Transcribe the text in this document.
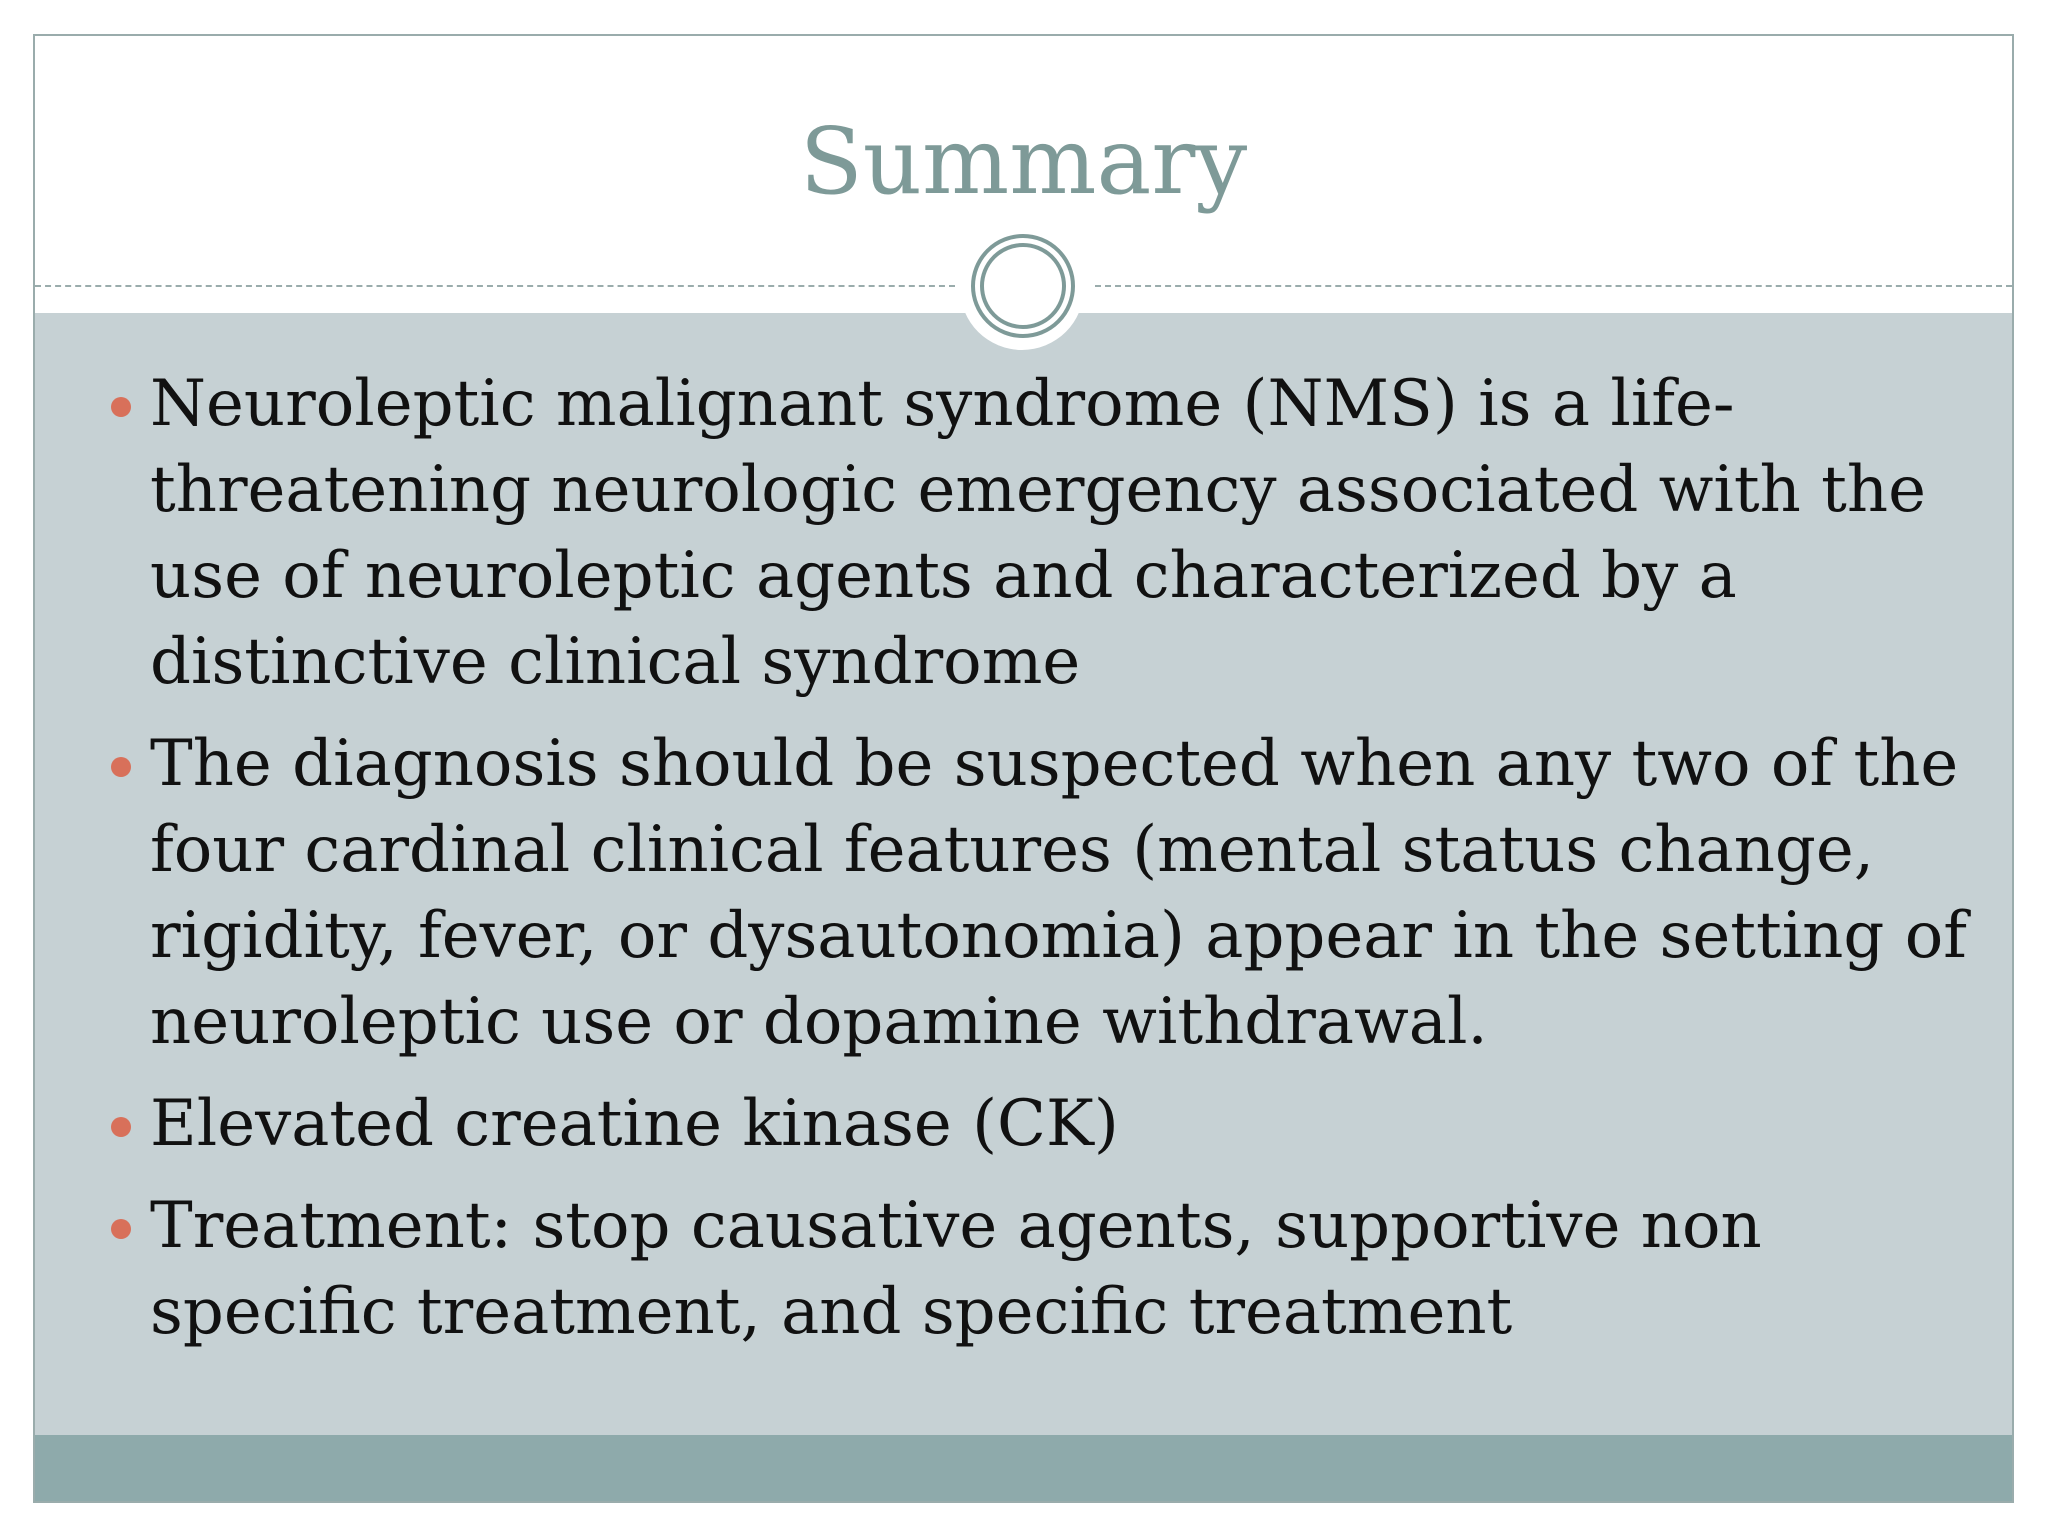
Summary
Neuroleptic malignant syndrome (NMS) is a life-threatening neurologic emergency associated with the use of neuroleptic agents and characterized by a distinctive clinical syndrome
The diagnosis should be suspected when any two of the four cardinal clinical features (mental status change, rigidity, fever, or dysautonomia) appear in the setting of neuroleptic use or dopamine withdrawal.
Elevated creatine kinase (CK)
Treatment: stop causative agents, supportive non specific treatment, and specific treatment
